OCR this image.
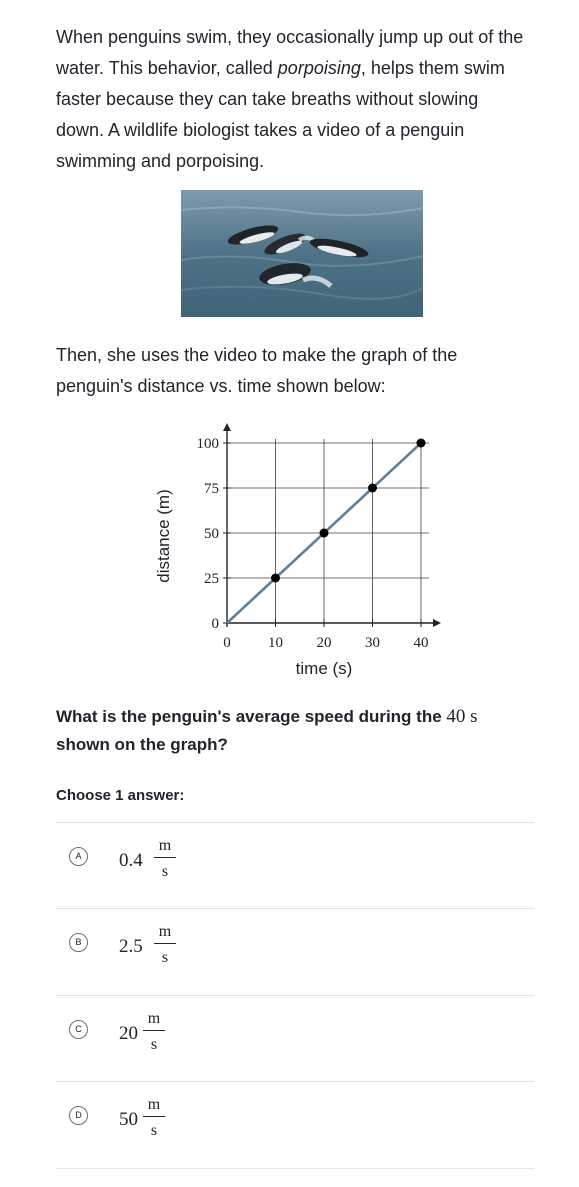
When penguins swim, they occasionally jump up out of the water. This behavior, called porpoising, helps them swim faster because they can take breaths without slowing down. A wildlife biologist takes a video of a penguin swimming and porpoising.

Then, she uses the video to make the graph of the penguin's distance vs. time shown below:

0 10 20 30 40
0
25
50
75
100
time (s)
distance (m)

What is the penguin's average speed during the 40 s shown on the graph?

Choose 1 answer:

A	0.4
m
s
B	2.5
m
s
C	20
m
s
D	50
m
s
